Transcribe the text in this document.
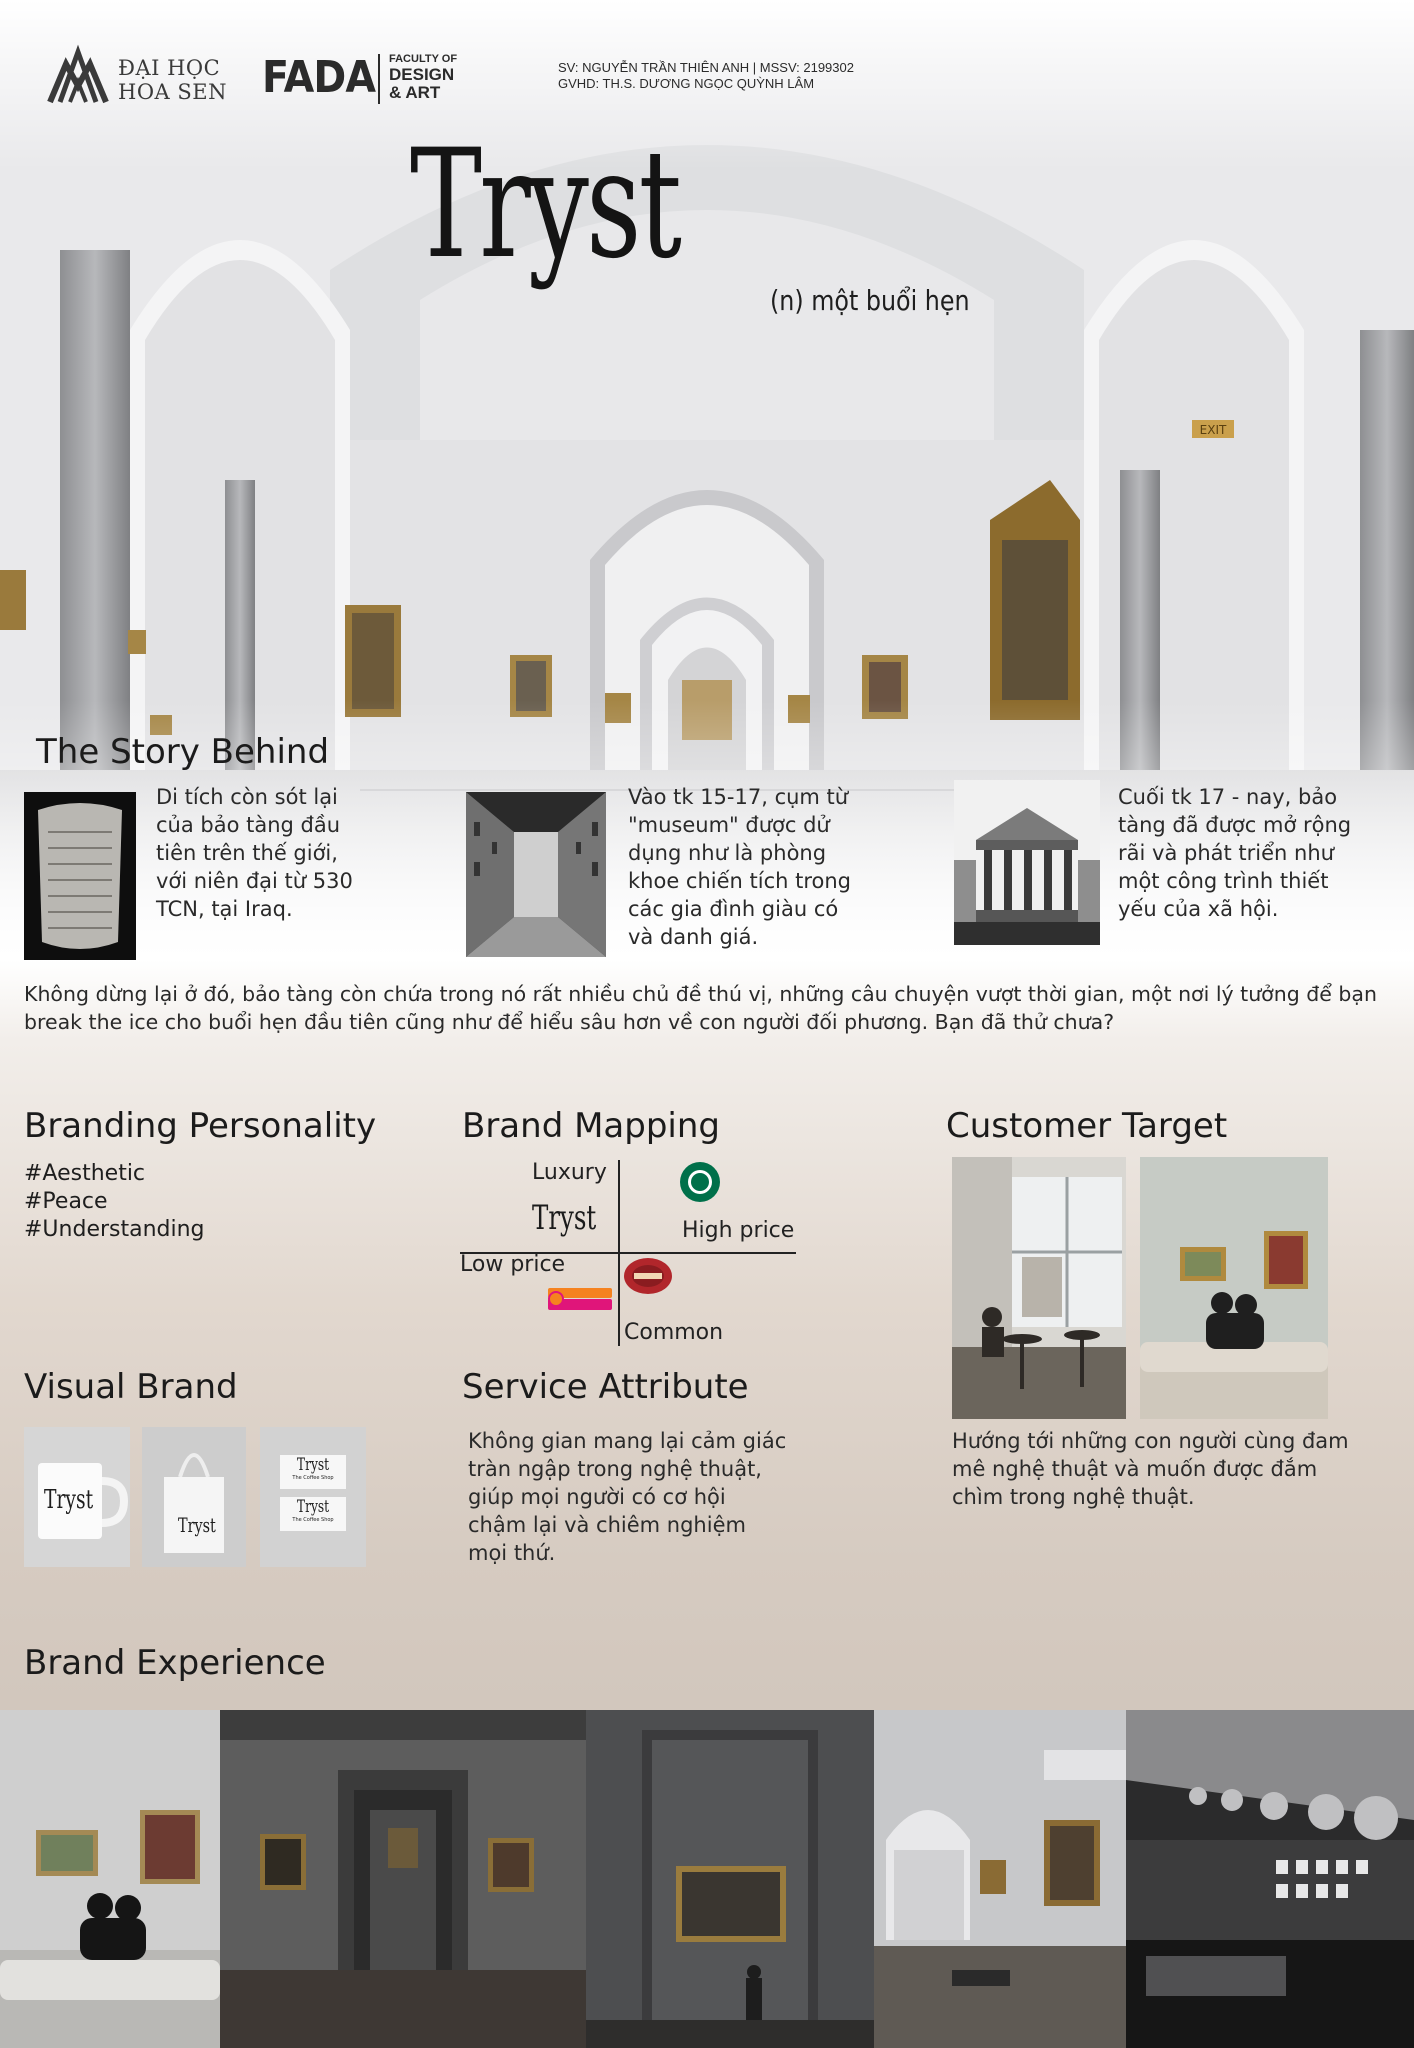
EXIT
ĐẠI HỌC
HOA SEN FADA FACULTY OF
DESIGN
& ART
SV: NGUYỄN TRẦN THIÊN ANH | MSSV: 2199302
GVHD: TH.S. DƯƠNG NGỌC QUỲNH LÂM
Tryst
(n) một buổi hẹn
The Story Behind
Di tích còn sót lại của bảo tàng đầu tiên trên thế giới, với niên đại từ 530 TCN, tại Iraq.
Vào tk 15-17, cụm từ "museum" được dử dụng như là phòng khoe chiến tích trong các gia đình giàu có và danh giá.
Cuối tk 17 - nay, bảo tàng đã được mở rộng rãi và phát triển như một công trình thiết yếu của xã hội.
Không dừng lại ở đó, bảo tàng còn chứa trong nó rất nhiều chủ đề thú vị, những câu chuyện vượt thời gian, một nơi lý tưởng để bạn break the ice cho buổi hẹn đầu tiên cũng như để hiểu sâu hơn về con người đối phương. Bạn đã thử chưa?
Branding Personality
#Aesthetic
#Peace
#Understanding
Brand Mapping
Luxury
Common
Low price
High price
Tryst
Customer Target
Hướng tới những con người cùng đam mê nghệ thuật và muốn được đắm chìm trong nghệ thuật.
Visual Brand
Tryst
Tryst
Tryst
The Coffee Shop
Tryst
The Coffee Shop
Service Attribute
Không gian mang lại cảm giác tràn ngập trong nghệ thuật, giúp mọi người có cơ hội chậm lại và chiêm nghiệm mọi thứ.
Brand Experience
